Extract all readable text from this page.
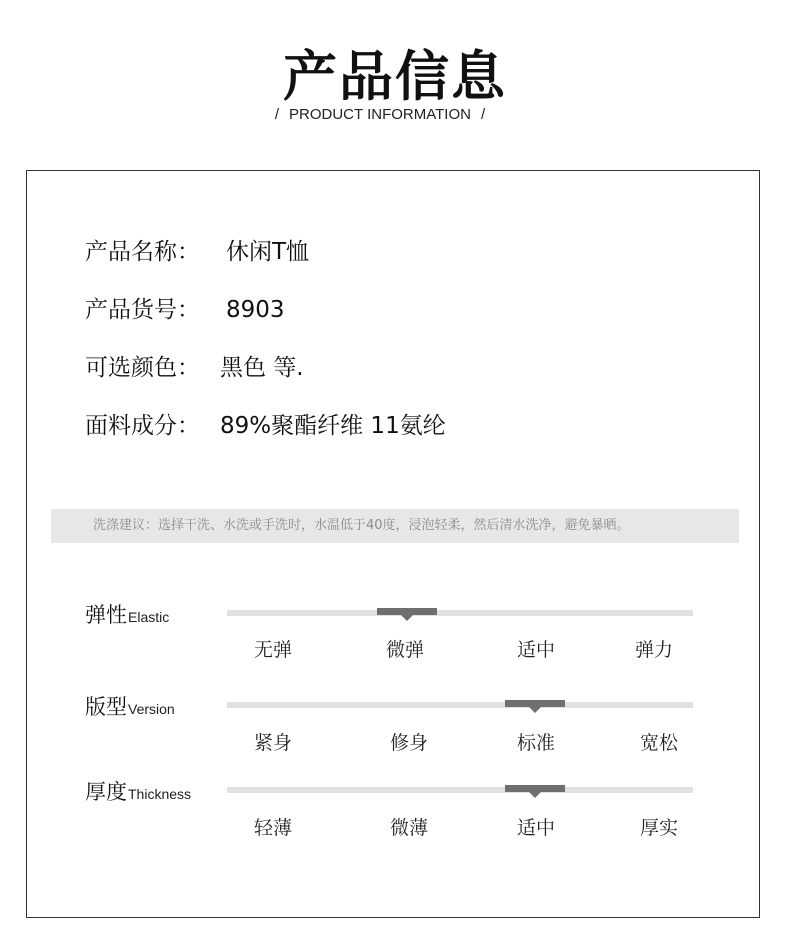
产品信息
/ PRODUCT INFORMATION /
产品名称： 休闲T恤
产品货号： 8903
可选颜色： 黑色 等.
面料成分： 89%聚酯纤维 11氨纶
洗涤建议：选择干洗、水洗或手洗时，水温低于40度，浸泡轻柔，然后清水洗净，避免暴晒。
弹性Elastic
无弹	微弹	适中	弹力
版型Version
紧身	修身	标准	宽松
厚度Thickness
轻薄	微薄	适中	厚实
